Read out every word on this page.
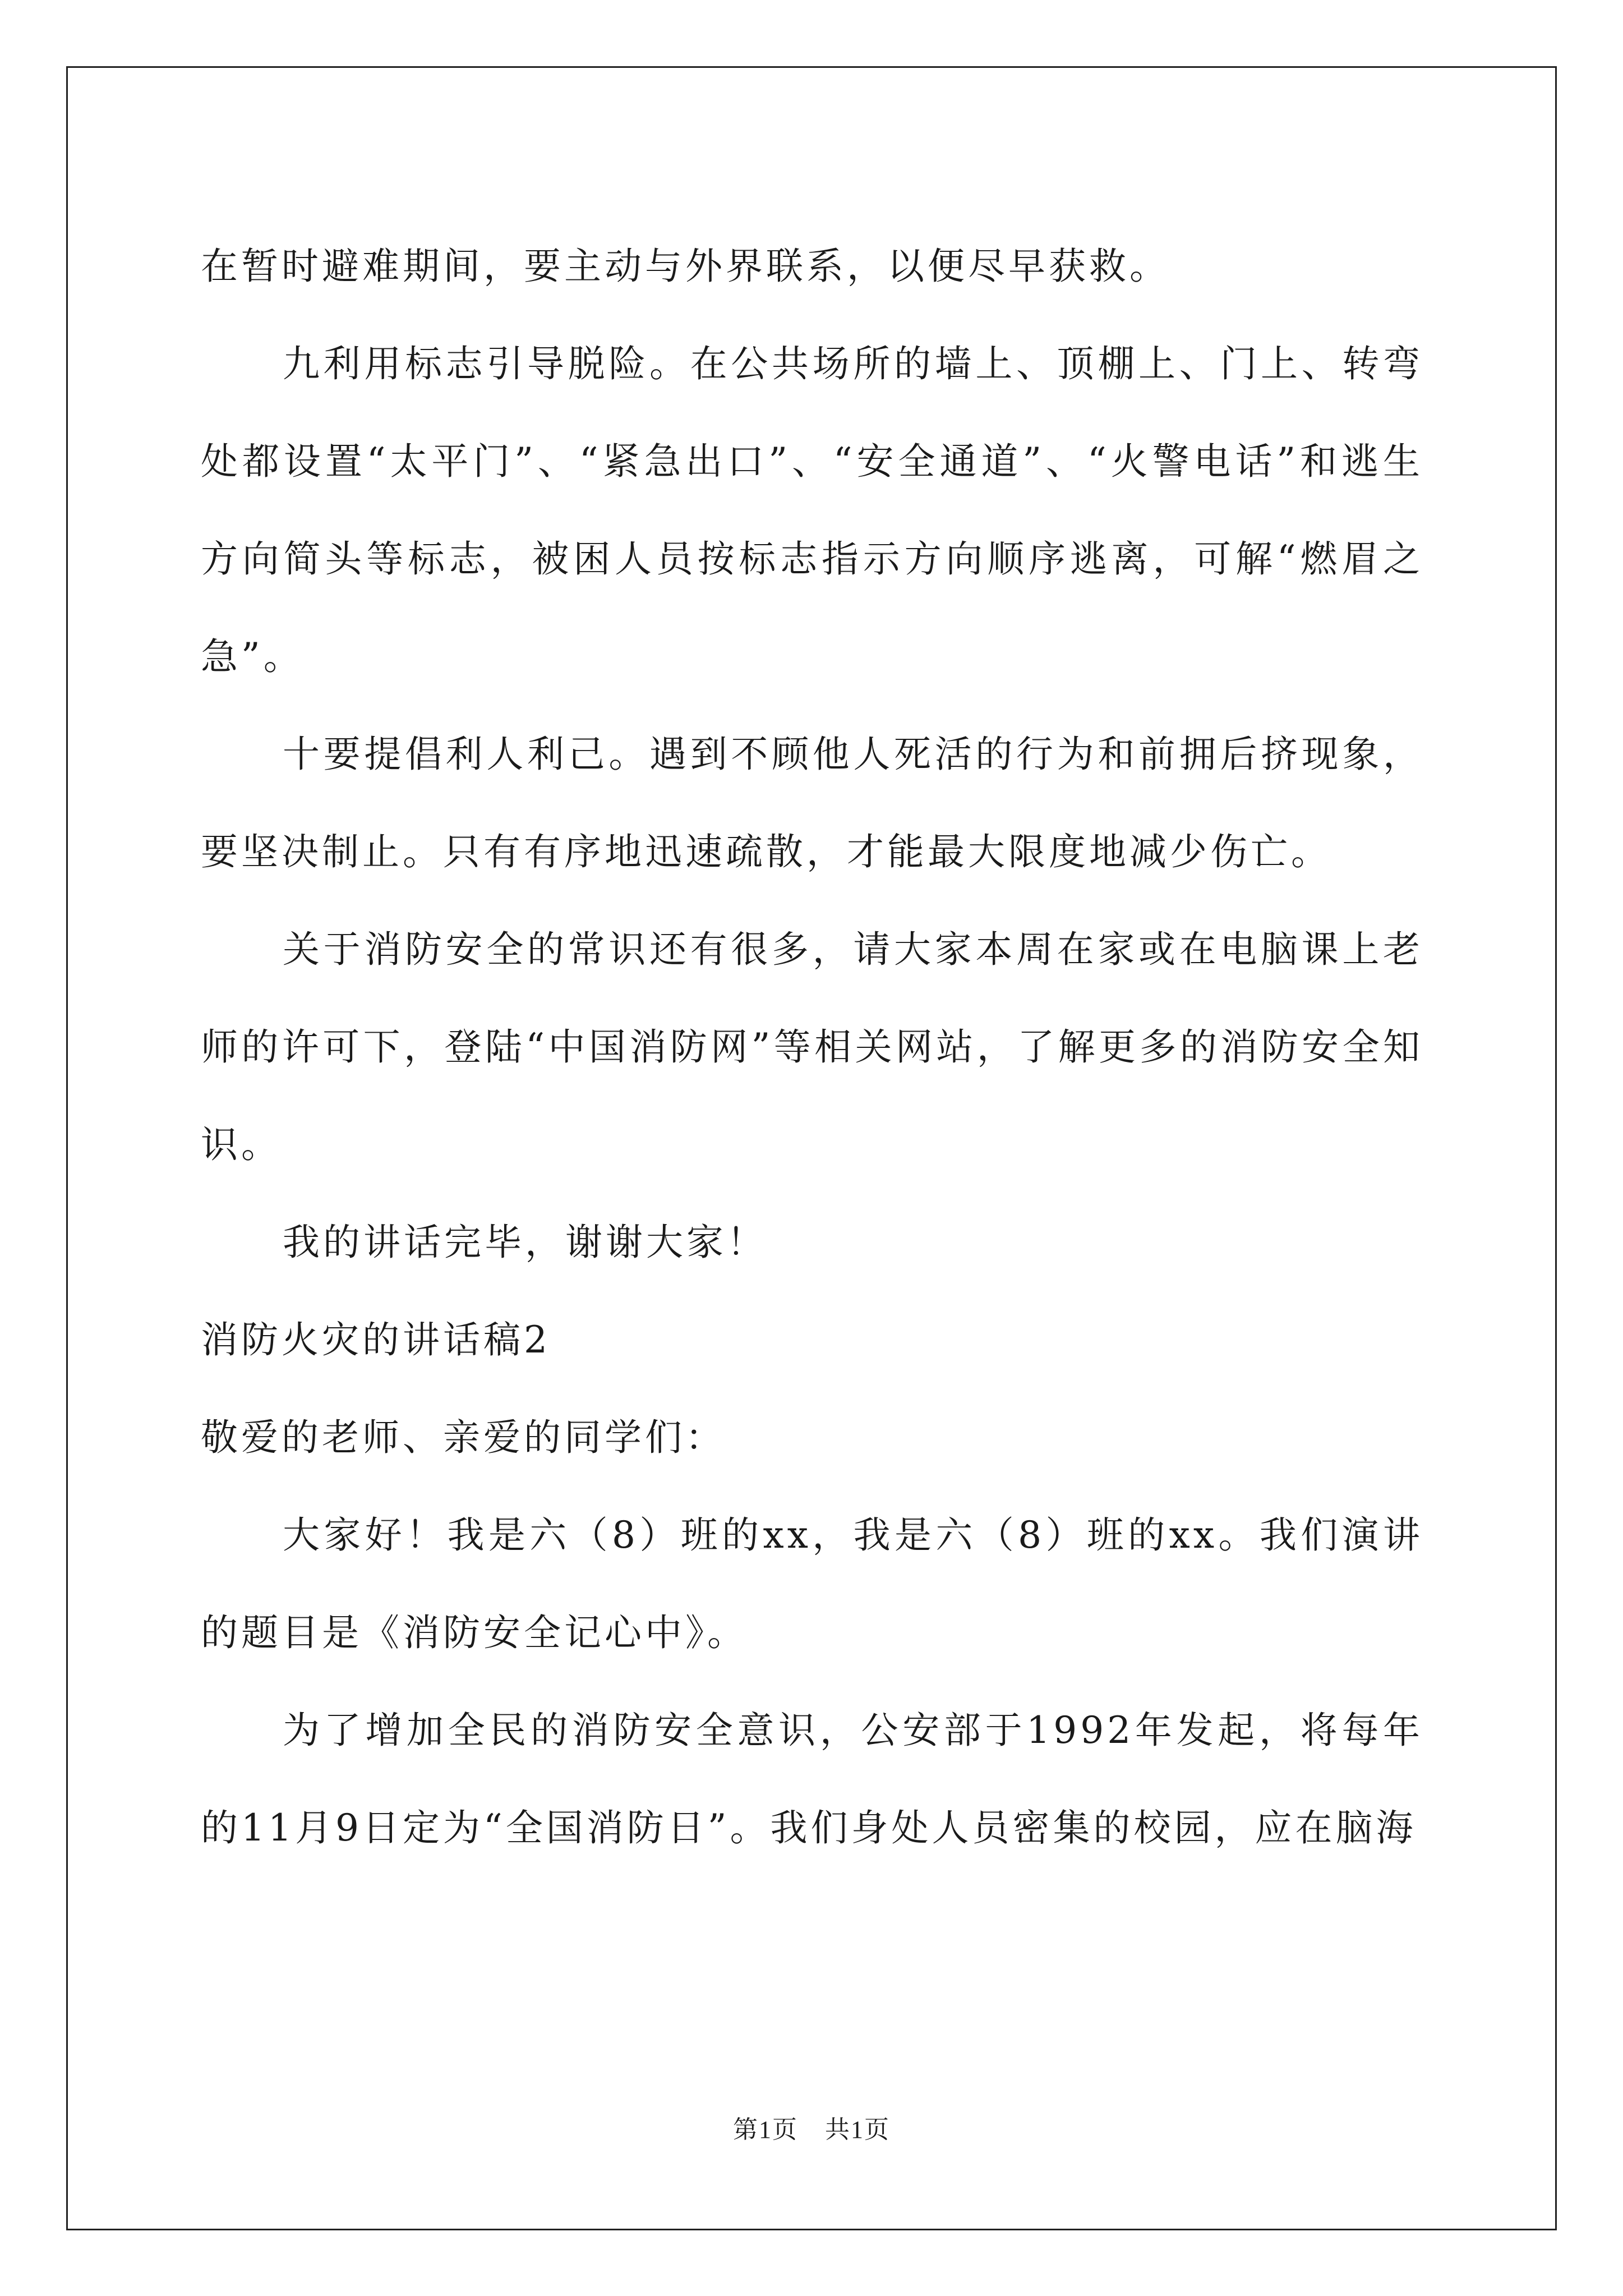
在暂时避难期间，要主动与外界联系，以便尽早获救。

九利用标志引导脱险。在公共场所的墙上、顶棚上、门上、转弯处都设置“太平门”、“紧急出口”、“安全通道”、“火警电话”和逃生方向简头等标志，被困人员按标志指示方向顺序逃离，可解“燃眉之急”。

十要提倡利人利己。遇到不顾他人死活的行为和前拥后挤现象，要坚决制止。只有有序地迅速疏散，才能最大限度地减少伤亡。

关于消防安全的常识还有很多，请大家本周在家或在电脑课上老师的许可下，登陆“中国消防网”等相关网站，了解更多的消防安全知识。

我的讲话完毕，谢谢大家！

消防火灾的讲话稿2

敬爱的老师、亲爱的同学们：

大家好！我是六（8）班的xx，我是六（8）班的xx。我们演讲的题目是《消防安全记心中》。

为了增加全民的消防安全意识，公安部于1992年发起，将每年的11月9日定为“全国消防日”。我们身处人员密集的校园，应在脑海

第1页 共1页
